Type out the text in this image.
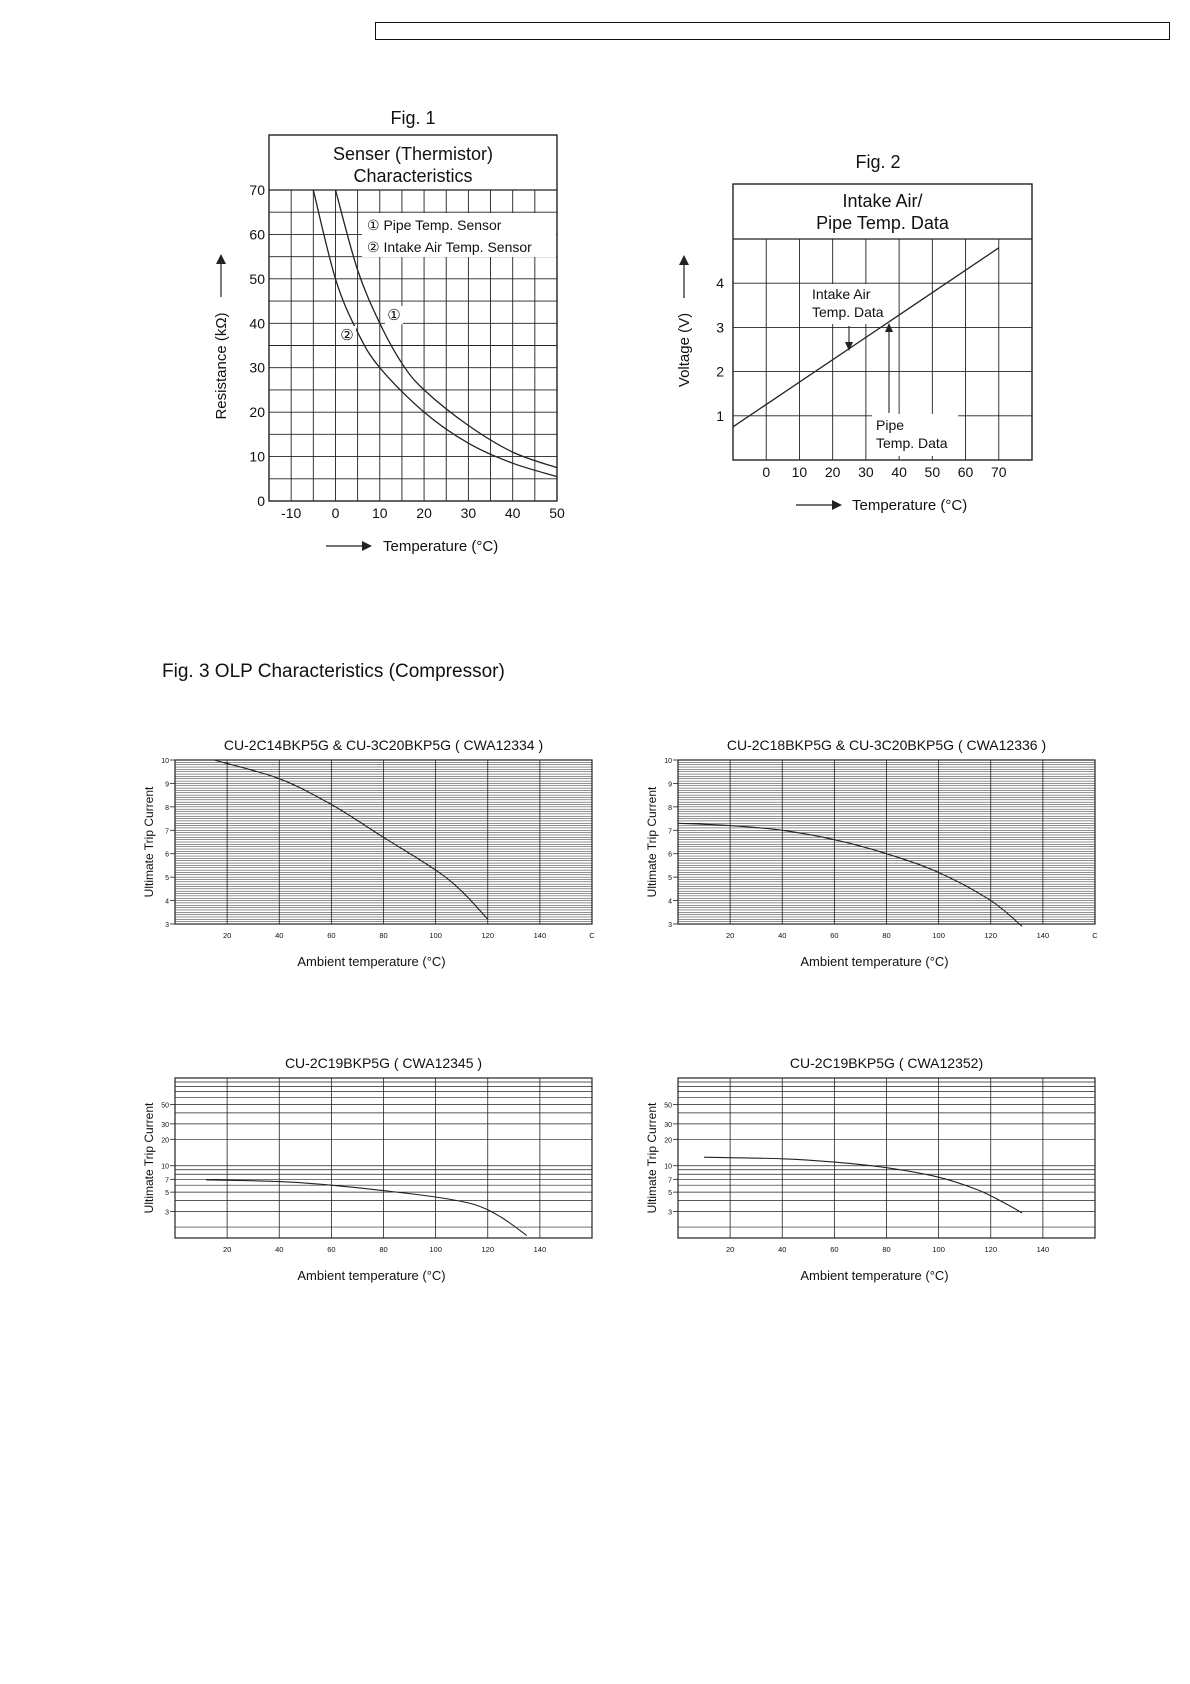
Fig. 1
Fig. 2
Fig. 3 OLP Characteristics (Compressor)
Senser (Thermistor)
Characteristics
-10 0 10 20 30 40 50
0
10
20
30
40
50
60
70
① Pipe Temp. Sensor
② Intake Air Temp. Sensor
①
②
Resistance (kΩ)
Temperature (°C)
Intake Air/
Pipe Temp. Data
0 10 20 30 40 50 60 70
1
2
3
4
Intake Air
Temp. Data
Pipe
Temp. Data
Voltage (V)
Temperature (°C)
CU-2C14BKP5G & CU-3C20BKP5G ( CWA12334 )
3
4
5
6
7
8
9
10
20	40	60	80	100	120	140	C
Ultimate Trip Current
Ambient temperature (°C)
CU-2C18BKP5G & CU-3C20BKP5G ( CWA12336 )
3
4
5
6
7
8
9
10
20	40	60	80	100	120	140	C
Ultimate Trip Current
Ambient temperature (°C)
CU-2C19BKP5G ( CWA12345 )
3
5
7
10
20
30
50
20	40	60	80	100	120	140
Ultimate Trip Current
Ambient temperature (°C)
CU-2C19BKP5G ( CWA12352)
3
5
7
10
20
30
50
20	40	60	80	100	120	140
Ultimate Trip Current
Ambient temperature (°C)
